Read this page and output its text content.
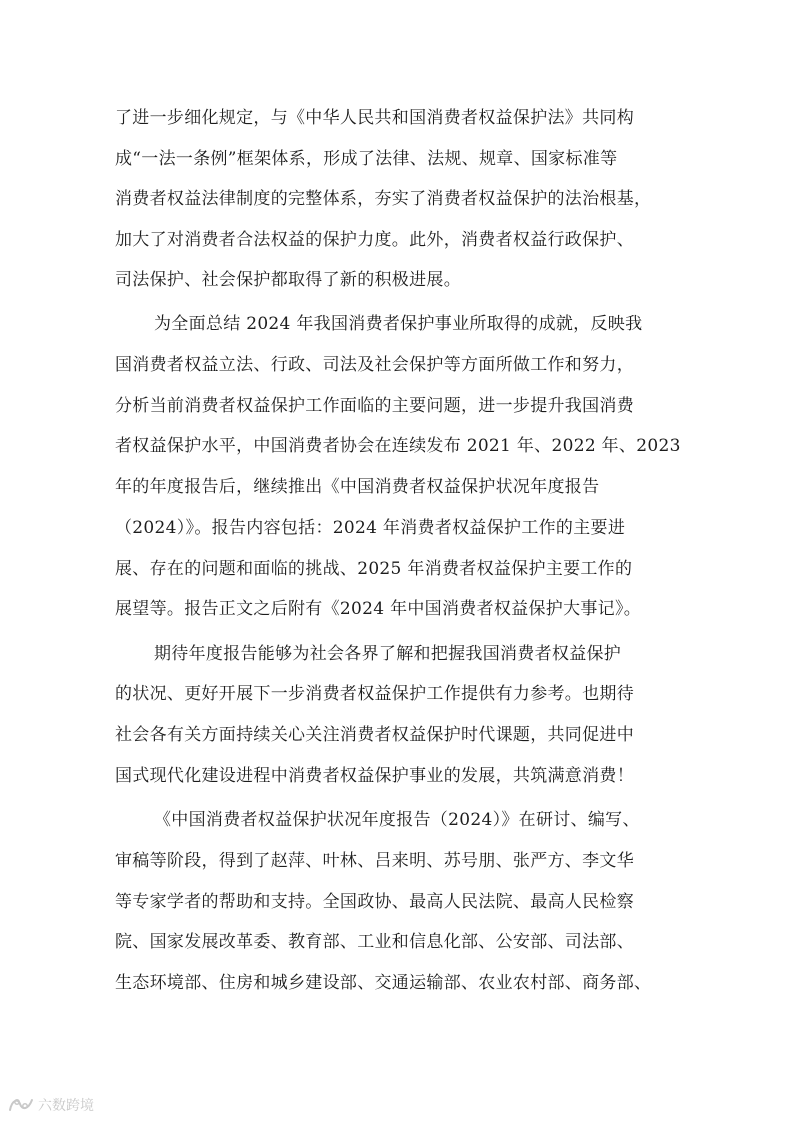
了进一步细化规定，与《中华人民共和国消费者权益保护法》共同构
成“一法一条例”框架体系，形成了法律、法规、规章、国家标准等
消费者权益法律制度的完整体系，夯实了消费者权益保护的法治根基，
加大了对消费者合法权益的保护力度。此外，消费者权益行政保护、
司法保护、社会保护都取得了新的积极进展。
为全面总结 2024 年我国消费者保护事业所取得的成就，反映我
国消费者权益立法、行政、司法及社会保护等方面所做工作和努力，
分析当前消费者权益保护工作面临的主要问题，进一步提升我国消费
者权益保护水平，中国消费者协会在连续发布 2021 年、2022 年、2023
年的年度报告后，继续推出《中国消费者权益保护状况年度报告
（2024）》。报告内容包括：2024 年消费者权益保护工作的主要进
展、存在的问题和面临的挑战、2025 年消费者权益保护主要工作的
展望等。报告正文之后附有《2024 年中国消费者权益保护大事记》。
期待年度报告能够为社会各界了解和把握我国消费者权益保护
的状况、更好开展下一步消费者权益保护工作提供有力参考。也期待
社会各有关方面持续关心关注消费者权益保护时代课题，共同促进中
国式现代化建设进程中消费者权益保护事业的发展，共筑满意消费！
《中国消费者权益保护状况年度报告（2024）》在研讨、编写、
审稿等阶段，得到了赵萍、叶林、吕来明、苏号朋、张严方、李文华
等专家学者的帮助和支持。全国政协、最高人民法院、最高人民检察
院、国家发展改革委、教育部、工业和信息化部、公安部、司法部、
生态环境部、住房和城乡建设部、交通运输部、农业农村部、商务部、
六数跨境
